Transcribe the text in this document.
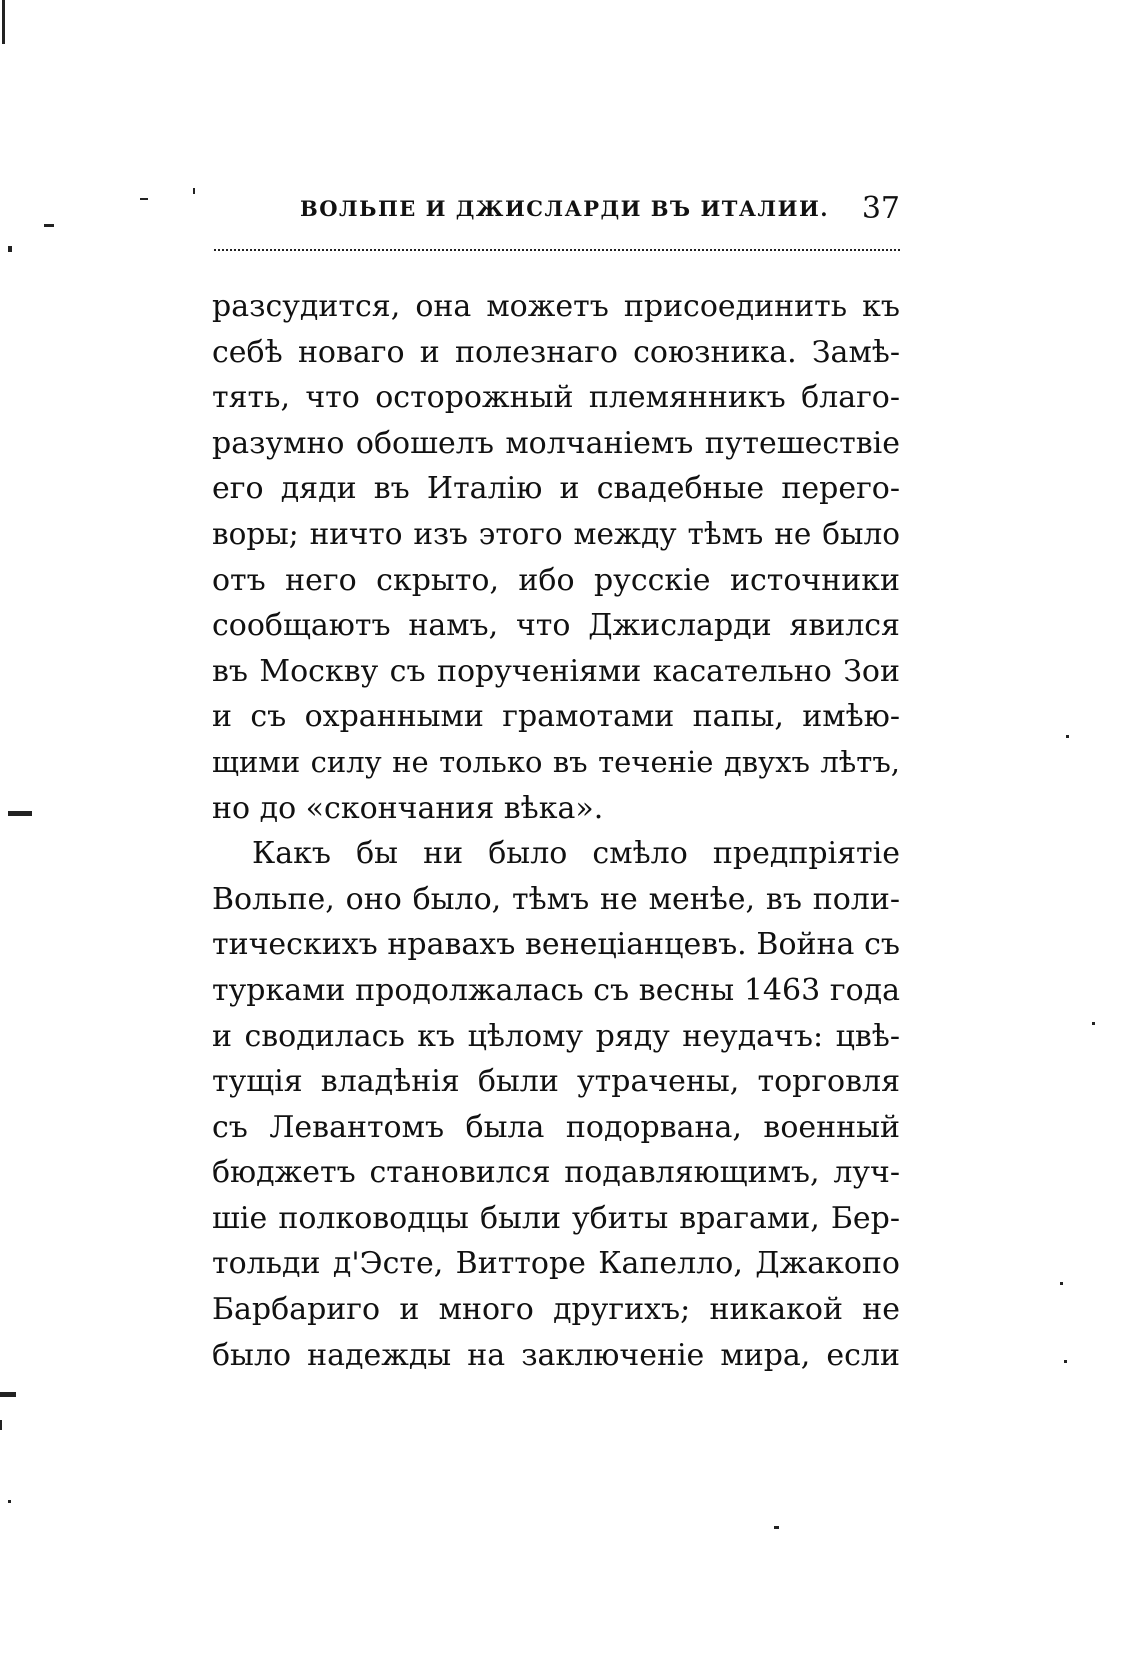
ВОЛЬПЕ И ДЖИСЛАРДИ ВЪ ИТАЛИИ. 37
разсудится, она можетъ присоединить къ
себѣ новаго и полезнаго союзника. Замѣ-
тять, что осторожный племянникъ благо-
разумно обошелъ молчаніемъ путешествіе
его дяди въ Италію и свадебные перего-
воры; ничто изъ этого между тѣмъ не было
отъ него скрыто, ибо русскіе источники
сообщаютъ намъ, что Джисларди явился
въ Москву съ порученіями касательно Зои
и съ охранными грамотами папы, имѣю-
щими силу не только въ теченіе двухъ лѣтъ,
но до «скончания вѣка».
Какъ бы ни было смѣло предпріятіе
Вольпе, оно было, тѣмъ не менѣе, въ поли-
тическихъ нравахъ венеціанцевъ. Война съ
турками продолжалась съ весны 1463 года
и сводилась къ цѣлому ряду неудачъ: цвѣ-
тущія владѣнія были утрачены, торговля
съ Левантомъ была подорвана, военный
бюджетъ становился подавляющимъ, луч-
шіе полководцы были убиты врагами, Бер-
тольди д'Эсте, Витторе Капелло, Джакопо
Барбариго и много другихъ; никакой не
было надежды на заключеніе мира, если
